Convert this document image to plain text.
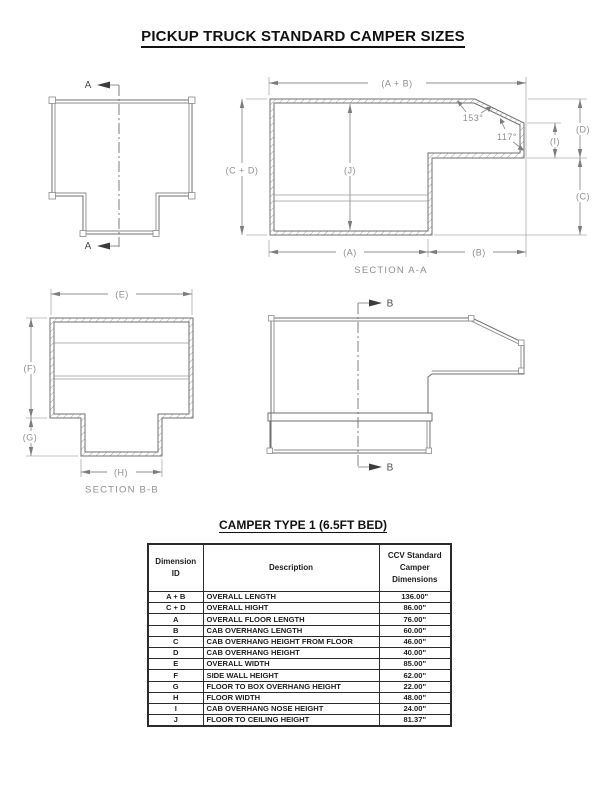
PICKUP TRUCK STANDARD CAMPER SIZES
A
A
(A + B)
(C + D)	(J)
153°
117°
(D)
(I)
(C)
(A)	(B)
SECTION A-A
(E)
(F)
(G)
(H)
SECTION B-B
B
B
CAMPER TYPE 1 (6.5FT BED)
Dimension ID	Description	CCV Standard Camper Dimensions
A + B	OVERALL LENGTH	136.00"
C + D	OVERALL HIGHT	86.00"
A	OVERALL FLOOR LENGTH	76.00"
B	CAB OVERHANG LENGTH	60.00"
C	CAB OVERHANG HEIGHT FROM FLOOR	46.00"
D	CAB OVERHANG HEIGHT	40.00"
E	OVERALL WIDTH	85.00"
F	SIDE WALL HEIGHT	62.00"
G	FLOOR TO BOX OVERHANG HEIGHT	22.00"
H	FLOOR WIDTH	48.00"
I	CAB OVERHANG NOSE HEIGHT	24.00"
J	FLOOR TO CEILING HEIGHT	81.37"
